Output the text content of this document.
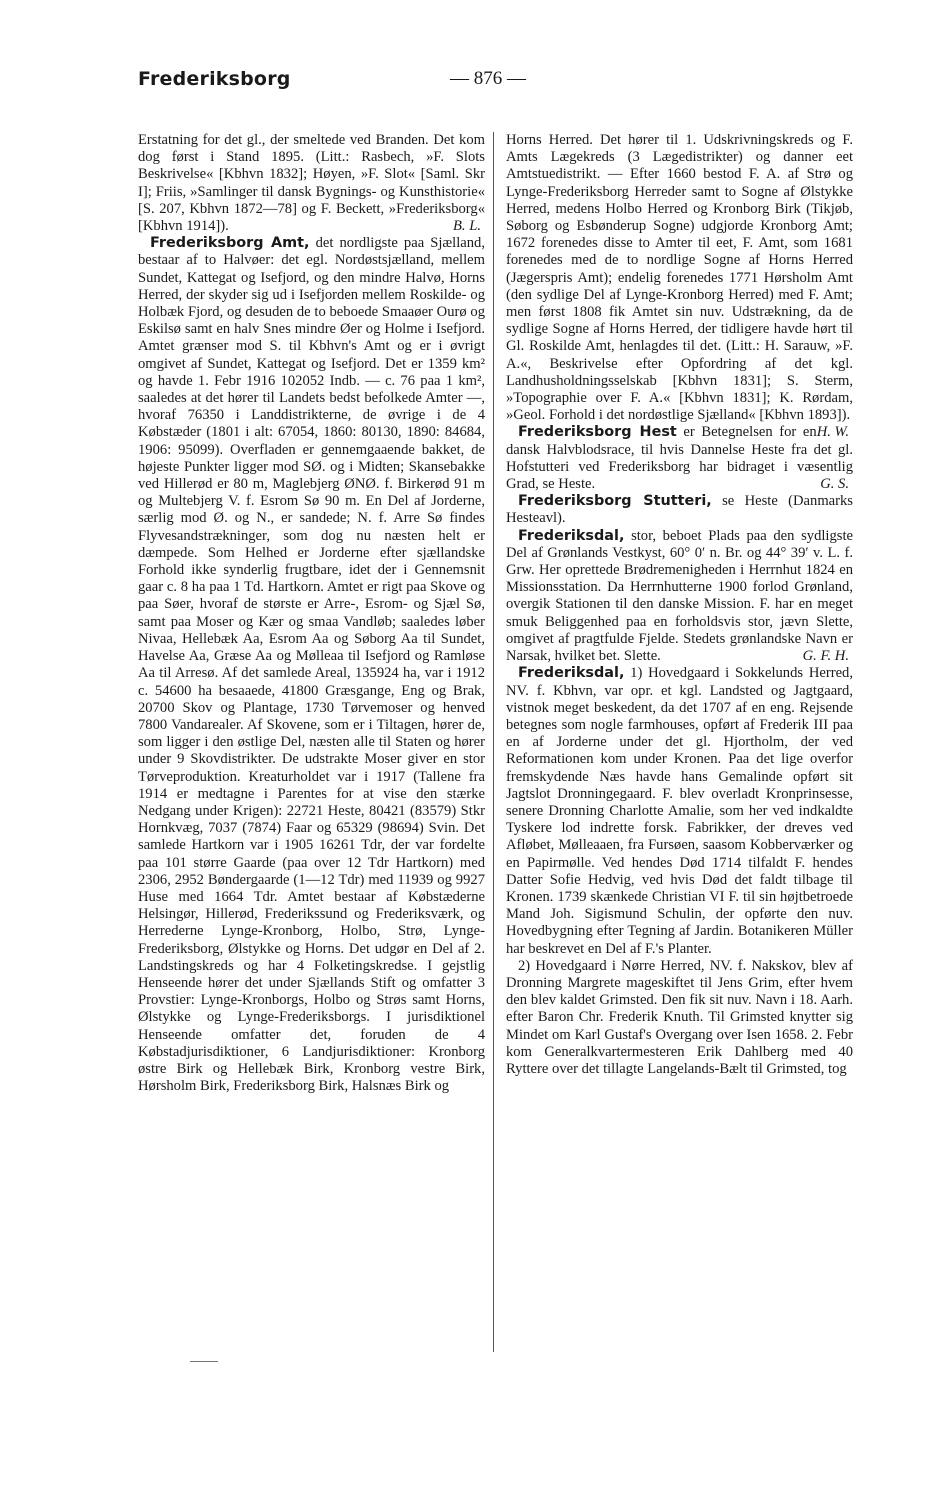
Frederiksborg	— 876 —

Erstatning for det gl., der smeltede ved Branden. Det kom dog først i Stand 1895. (Litt.: Rasbech, »F. Slots Beskrivelse« [Kbhvn 1832]; Høyen, »F. Slot« [Saml. Skr I]; Friis, »Samlinger til dansk Bygnings- og Kunsthistorie« [S. 207, Kbhvn 1872—78] og F. Beckett, »Frederiksborg« [Kbhvn 1914]).	B. L.

Frederiksborg Amt, det nordligste paa Sjælland, bestaar af to Halvøer: det egl. Nordøstsjælland, mellem Sundet, Kattegat og Isefjord, og den mindre Halvø, Horns Herred, der skyder sig ud i Isefjorden mellem Roskilde- og Holbæk Fjord, og desuden de to beboede Smaaøer Ourø og Eskilsø samt en halv Snes mindre Øer og Holme i Isefjord. Amtet grænser mod S. til Kbhvn's Amt og er i øvrigt omgivet af Sundet, Kattegat og Isefjord. Det er 1359 km² og havde 1. Febr 1916 102052 Indb. — c. 76 paa 1 km², saaledes at det hører til Landets bedst befolkede Amter —, hvoraf 76350 i Landdistrikterne, de øvrige i de 4 Købstæder (1801 i alt: 67054, 1860: 80130, 1890: 84684, 1906: 95099). Overfladen er gennemgaaende bakket, de højeste Punkter ligger mod SØ. og i Midten; Skansebakke ved Hillerød er 80 m, Maglebjerg ØNØ. f. Birkerød 91 m og Multebjerg V. f. Esrom Sø 90 m. En Del af Jorderne, særlig mod Ø. og N., er sandede; N. f. Arre Sø findes Flyvesandstrækninger, som dog nu næsten helt er dæmpede. Som Helhed er Jorderne efter sjællandske Forhold ikke synderlig frugtbare, idet der i Gennemsnit gaar c. 8 ha paa 1 Td. Hartkorn. Amtet er rigt paa Skove og paa Søer, hvoraf de største er Arre-, Esrom- og Sjæl Sø, samt paa Moser og Kær og smaa Vandløb; saaledes løber Nivaa, Hellebæk Aa, Esrom Aa og Søborg Aa til Sundet, Havelse Aa, Græse Aa og Mølleaa til Isefjord og Ramløse Aa til Arresø. Af det samlede Areal, 135924 ha, var i 1912 c. 54600 ha besaaede, 41800 Græsgange, Eng og Brak, 20700 Skov og Plantage, 1730 Tørvemoser og henved 7800 Vandarealer. Af Skovene, som er i Tiltagen, hører de, som ligger i den østlige Del, næsten alle til Staten og hører under 9 Skovdistrikter. De udstrakte Moser giver en stor Tørveproduktion. Kreaturholdet var i 1917 (Tallene fra 1914 er medtagne i Parentes for at vise den stærke Nedgang under Krigen): 22721 Heste, 80421 (83579) Stkr Hornkvæg, 7037 (7874) Faar og 65329 (98694) Svin. Det samlede Hartkorn var i 1905 16261 Tdr, der var fordelte paa 101 større Gaarde (paa over 12 Tdr Hartkorn) med 2306, 2952 Bøndergaarde (1—12 Tdr) med 11939 og 9927 Huse med 1664 Tdr. Amtet bestaar af Købstæderne Helsingør, Hillerød, Frederikssund og Frederiksværk, og Herrederne Lynge-Kronborg, Holbo, Strø, Lynge-Frederiksborg, Ølstykke og Horns. Det udgør en Del af 2. Landstingskreds og har 4 Folketingskredse. I gejstlig Henseende hører det under Sjællands Stift og omfatter 3 Provstier: Lynge-Kronborgs, Holbo og Strøs samt Horns, Ølstykke og Lynge-Frederiksborgs. I jurisdiktionel Henseende omfatter det, foruden de 4 Købstadjurisdiktioner, 6 Landjurisdiktioner: Kronborg østre Birk og Hellebæk Birk, Kronborg vestre Birk, Hørsholm Birk, Frederiksborg Birk, Halsnæs Birk og

Horns Herred. Det hører til 1. Udskrivningskreds og F. Amts Lægekreds (3 Lægedistrikter) og danner eet Amtstuedistrikt. — Efter 1660 bestod F. A. af Strø og Lynge-Frederiksborg Herreder samt to Sogne af Ølstykke Herred, medens Holbo Herred og Kronborg Birk (Tikjøb, Søborg og Esbønderup Sogne) udgjorde Kronborg Amt; 1672 forenedes disse to Amter til eet, F. Amt, som 1681 forenedes med de to nordlige Sogne af Horns Herred (Jægerspris Amt); endelig forenedes 1771 Hørsholm Amt (den sydlige Del af Lynge-Kronborg Herred) med F. Amt; men først 1808 fik Amtet sin nuv. Udstrækning, da de sydlige Sogne af Horns Herred, der tidligere havde hørt til Gl. Roskilde Amt, henlagdes til det. (Litt.: H. Sarauw, »F. A.«, Beskrivelse efter Opfordring af det kgl. Landhusholdningsselskab [Kbhvn 1831]; S. Sterm, »Topographie over F. A.« [Kbhvn 1831]; K. Rørdam, »Geol. Forhold i det nordøstlige Sjælland« [Kbhvn 1893]).
H. W.

Frederiksborg Hest er Betegnelsen for en dansk Halvblodsrace, til hvis Dannelse Heste fra det gl. Hofstutteri ved Frederiksborg har bidraget i væsentlig Grad, se Heste.	G. S.

Frederiksborg Stutteri, se Heste (Danmarks Hesteavl).

Frederiksdal, stor, beboet Plads paa den sydligste Del af Grønlands Vestkyst, 60° 0′ n. Br. og 44° 39′ v. L. f. Grw. Her oprettede Brødremenigheden i Herrnhut 1824 en Missionsstation. Da Herrnhutterne 1900 forlod Grønland, overgik Stationen til den danske Mission. F. har en meget smuk Beliggenhed paa en forholdsvis stor, jævn Slette, omgivet af pragtfulde Fjelde. Stedets grønlandske Navn er Narsak, hvilket bet. Slette.	G. F. H.

Frederiksdal, 1) Hovedgaard i Sokkelunds Herred, NV. f. Kbhvn, var opr. et kgl. Landsted og Jagtgaard, vistnok meget beskedent, da det 1707 af en eng. Rejsende betegnes som nogle farmhouses, opført af Frederik III paa en af Jorderne under det gl. Hjortholm, der ved Reformationen kom under Kronen. Paa det lige overfor fremskydende Næs havde hans Gemalinde opført sit Jagtslot Dronningegaard. F. blev overladt Kronprinsesse, senere Dronning Charlotte Amalie, som her ved indkaldte Tyskere lod indrette forsk. Fabrikker, der dreves ved Afløbet, Mølleaaen, fra Fursøen, saasom Kobberværker og en Papirmølle. Ved hendes Død 1714 tilfaldt F. hendes Datter Sofie Hedvig, ved hvis Død det faldt tilbage til Kronen. 1739 skænkede Christian VI F. til sin højtbetroede Mand Joh. Sigismund Schulin, der opførte den nuv. Hovedbygning efter Tegning af Jardin. Botanikeren Müller har beskrevet en Del af F.'s Planter.

2) Hovedgaard i Nørre Herred, NV. f. Nakskov, blev af Dronning Margrete mageskiftet til Jens Grim, efter hvem den blev kaldet Grimsted. Den fik sit nuv. Navn i 18. Aarh. efter Baron Chr. Frederik Knuth. Til Grimsted knytter sig Mindet om Karl Gustaf's Overgang over Isen 1658. 2. Febr kom Generalkvartermesteren Erik Dahlberg med 40 Ryttere over det tillagte Langelands-Bælt til Grimsted, tog
